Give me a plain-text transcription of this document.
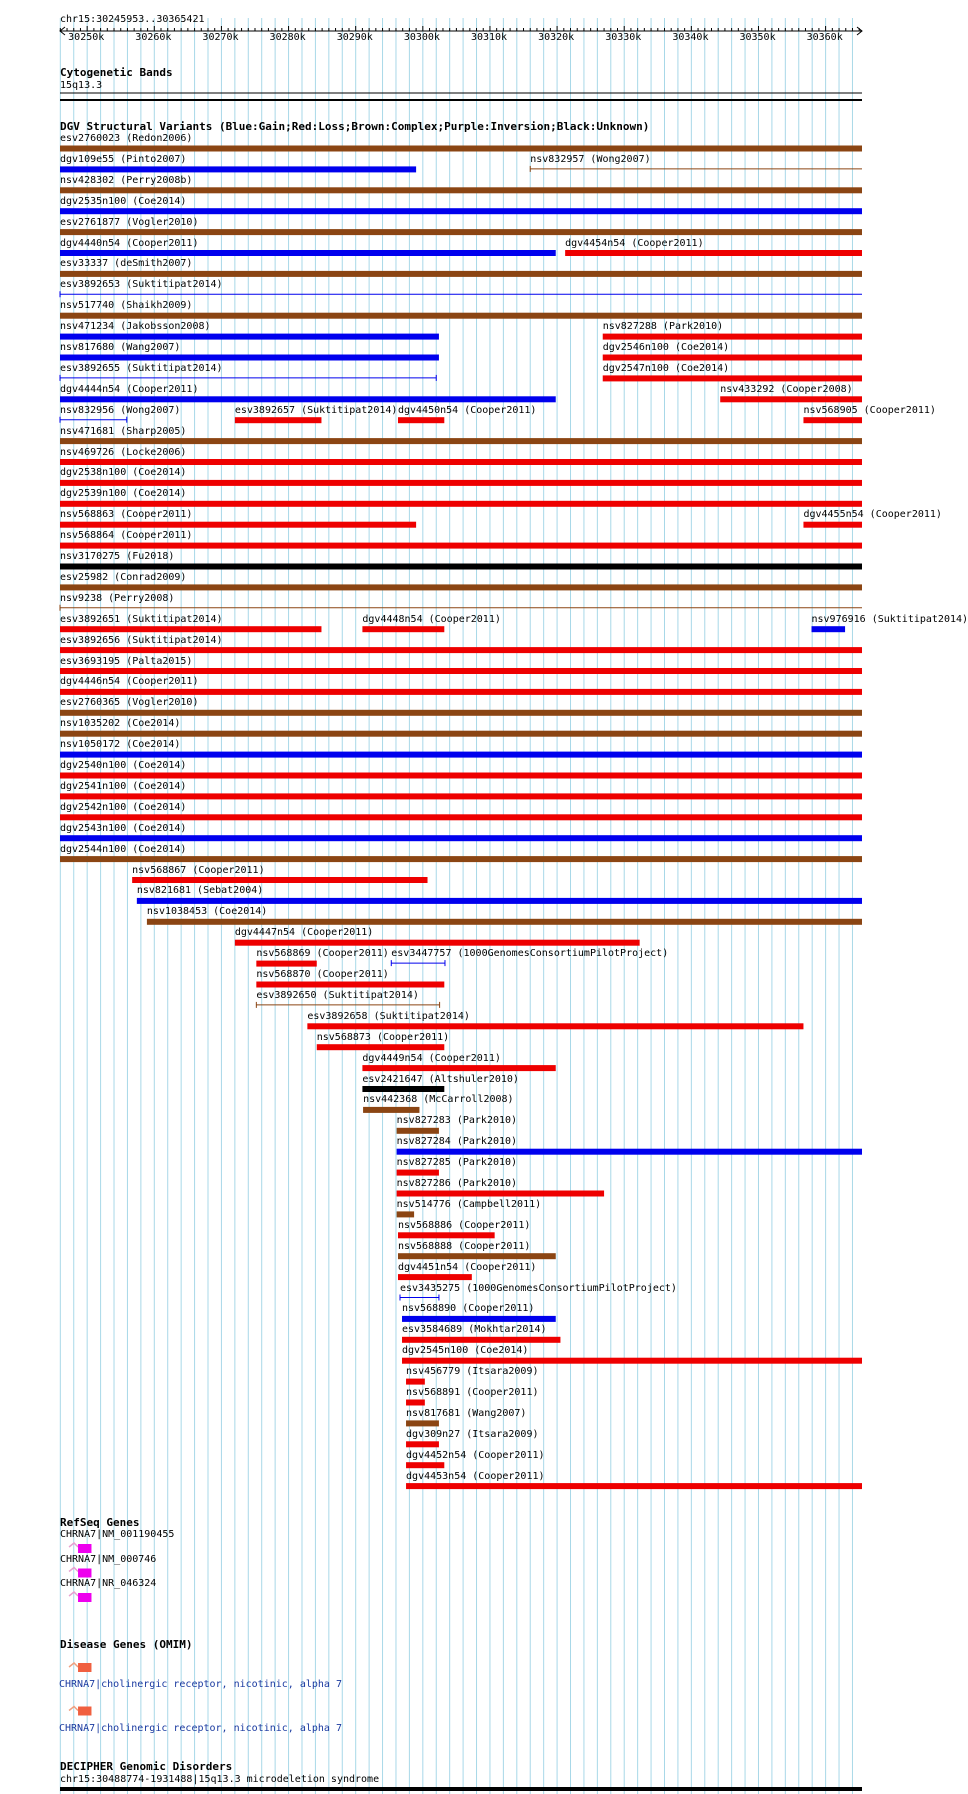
chr15:30245953..30365421
30250k	30260k	30270k	30280k	30290k	30300k	30310k	30320k	30330k	30340k	30350k	30360k
Cytogenetic Bands
15q13.3
DGV Structural Variants (Blue:Gain;Red:Loss;Brown:Complex;Purple:Inversion;Black:Unknown)
esv2760023 (Redon2006)
dgv109e55 (Pinto2007)	nsv832957 (Wong2007)
nsv428302 (Perry2008b)
dgv2535n100 (Coe2014)
esv2761877 (Vogler2010)
dgv4440n54 (Cooper2011)	dgv4454n54 (Cooper2011)
esv33337 (deSmith2007)
esv3892653 (Suktitipat2014)
nsv517740 (Shaikh2009)
nsv471234 (Jakobsson2008)	nsv827288 (Park2010)
nsv817680 (Wang2007)	dgv2546n100 (Coe2014)
esv3892655 (Suktitipat2014)	dgv2547n100 (Coe2014)
dgv4444n54 (Cooper2011)	nsv433292 (Cooper2008)
nsv832956 (Wong2007)	esv3892657 (Suktitipat2014) dgv4450n54 (Cooper2011)	nsv568905 (Cooper2011)
nsv471681 (Sharp2005)
nsv469726 (Locke2006)
dgv2538n100 (Coe2014)
dgv2539n100 (Coe2014)
nsv568863 (Cooper2011)	dgv4455n54 (Cooper2011)
nsv568864 (Cooper2011)
nsv3170275 (Fu2018)
esv25982 (Conrad2009)
nsv9238 (Perry2008)
esv3892651 (Suktitipat2014)	dgv4448n54 (Cooper2011)	nsv976916 (Suktitipat2014)
esv3892656 (Suktitipat2014)
esv3693195 (Palta2015)
dgv4446n54 (Cooper2011)
esv2760365 (Vogler2010)
nsv1035202 (Coe2014)
nsv1050172 (Coe2014)
dgv2540n100 (Coe2014)
dgv2541n100 (Coe2014)
dgv2542n100 (Coe2014)
dgv2543n100 (Coe2014)
dgv2544n100 (Coe2014)
nsv568867 (Cooper2011)
nsv821681 (Sebat2004)
nsv1038453 (Coe2014)
dgv4447n54 (Cooper2011)
nsv568869 (Cooper2011) esv3447757 (1000GenomesConsortiumPilotProject)
nsv568870 (Cooper2011)
esv3892650 (Suktitipat2014)
esv3892658 (Suktitipat2014)
nsv568873 (Cooper2011)
dgv4449n54 (Cooper2011)
esv2421647 (Altshuler2010)
nsv442368 (McCarroll2008)
nsv827283 (Park2010)
nsv827284 (Park2010)
nsv827285 (Park2010)
nsv827286 (Park2010)
nsv514776 (Campbell2011)
nsv568886 (Cooper2011)
nsv568888 (Cooper2011)
dgv4451n54 (Cooper2011)
esv3435275 (1000GenomesConsortiumPilotProject)
nsv568890 (Cooper2011)
esv3584689 (Mokhtar2014)
dgv2545n100 (Coe2014)
nsv456779 (Itsara2009)
nsv568891 (Cooper2011)
nsv817681 (Wang2007)
dgv309n27 (Itsara2009)
dgv4452n54 (Cooper2011)
dgv4453n54 (Cooper2011)
RefSeq Genes
CHRNA7|NM_001190455
CHRNA7|NM_000746
CHRNA7|NR_046324
Disease Genes (OMIM)
CHRNA7|cholinergic receptor, nicotinic, alpha 7
CHRNA7|cholinergic receptor, nicotinic, alpha 7
DECIPHER Genomic Disorders
chr15:30488774-1931488|15q13.3 microdeletion syndrome
